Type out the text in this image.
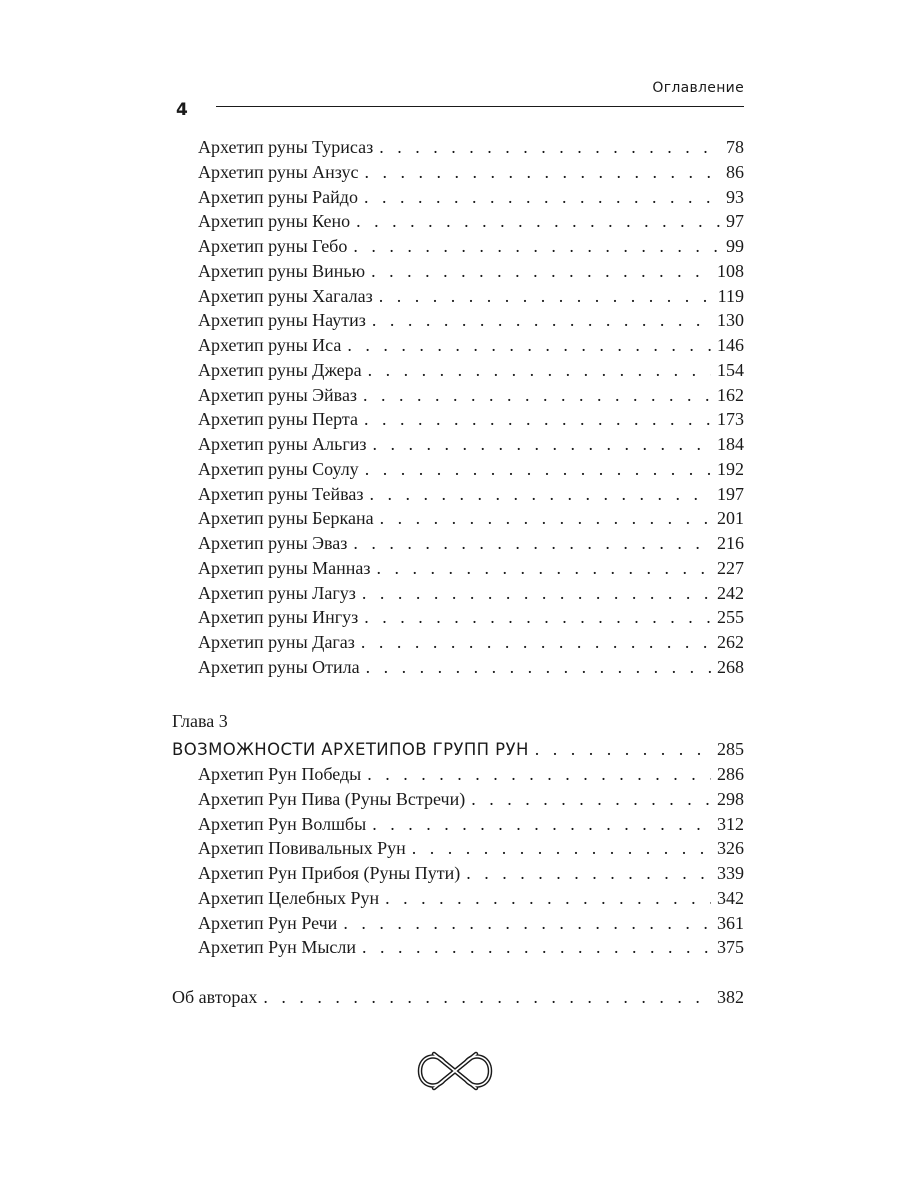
4
Оглавление
Архетип руны Турисаз . . .	78
Архетип руны Анзус . . .	86
Архетип руны Райдо . . .	93
Архетип руны Кено . . .	97
Архетип руны Гебо . . .	99
Архетип руны Винью . . .	108
Архетип руны Хагалаз . . .	119
Архетип руны Наутиз . . .	130
Архетип руны Иса . . .	146
Архетип руны Джера . . .	154
Архетип руны Эйваз . . .	162
Архетип руны Перта . . .	173
Архетип руны Альгиз . . .	184
Архетип руны Соулу . . .	192
Архетип руны Тейваз . . .	197
Архетип руны Беркана . . .	201
Архетип руны Эваз . . .	216
Архетип руны Манназ . . .	227
Архетип руны Лагуз . . .	242
Архетип руны Ингуз . . .	255
Архетип руны Дагаз . . .	262
Архетип руны Отила . . .	268
Глава 3
ВОЗМОЖНОСТИ АРХЕТИПОВ ГРУПП РУН . . .	285
Архетип Рун Победы . . .	286
Архетип Рун Пива (Руны Встречи) . . .	298
Архетип Рун Волшбы . . .	312
Архетип Повивальных Рун . . .	326
Архетип Рун Прибоя (Руны Пути) . . .	339
Архетип Целебных Рун . . .	342
Архетип Рун Речи . . .	361
Архетип Рун Мысли . . .	375
Об авторах . . .	382
